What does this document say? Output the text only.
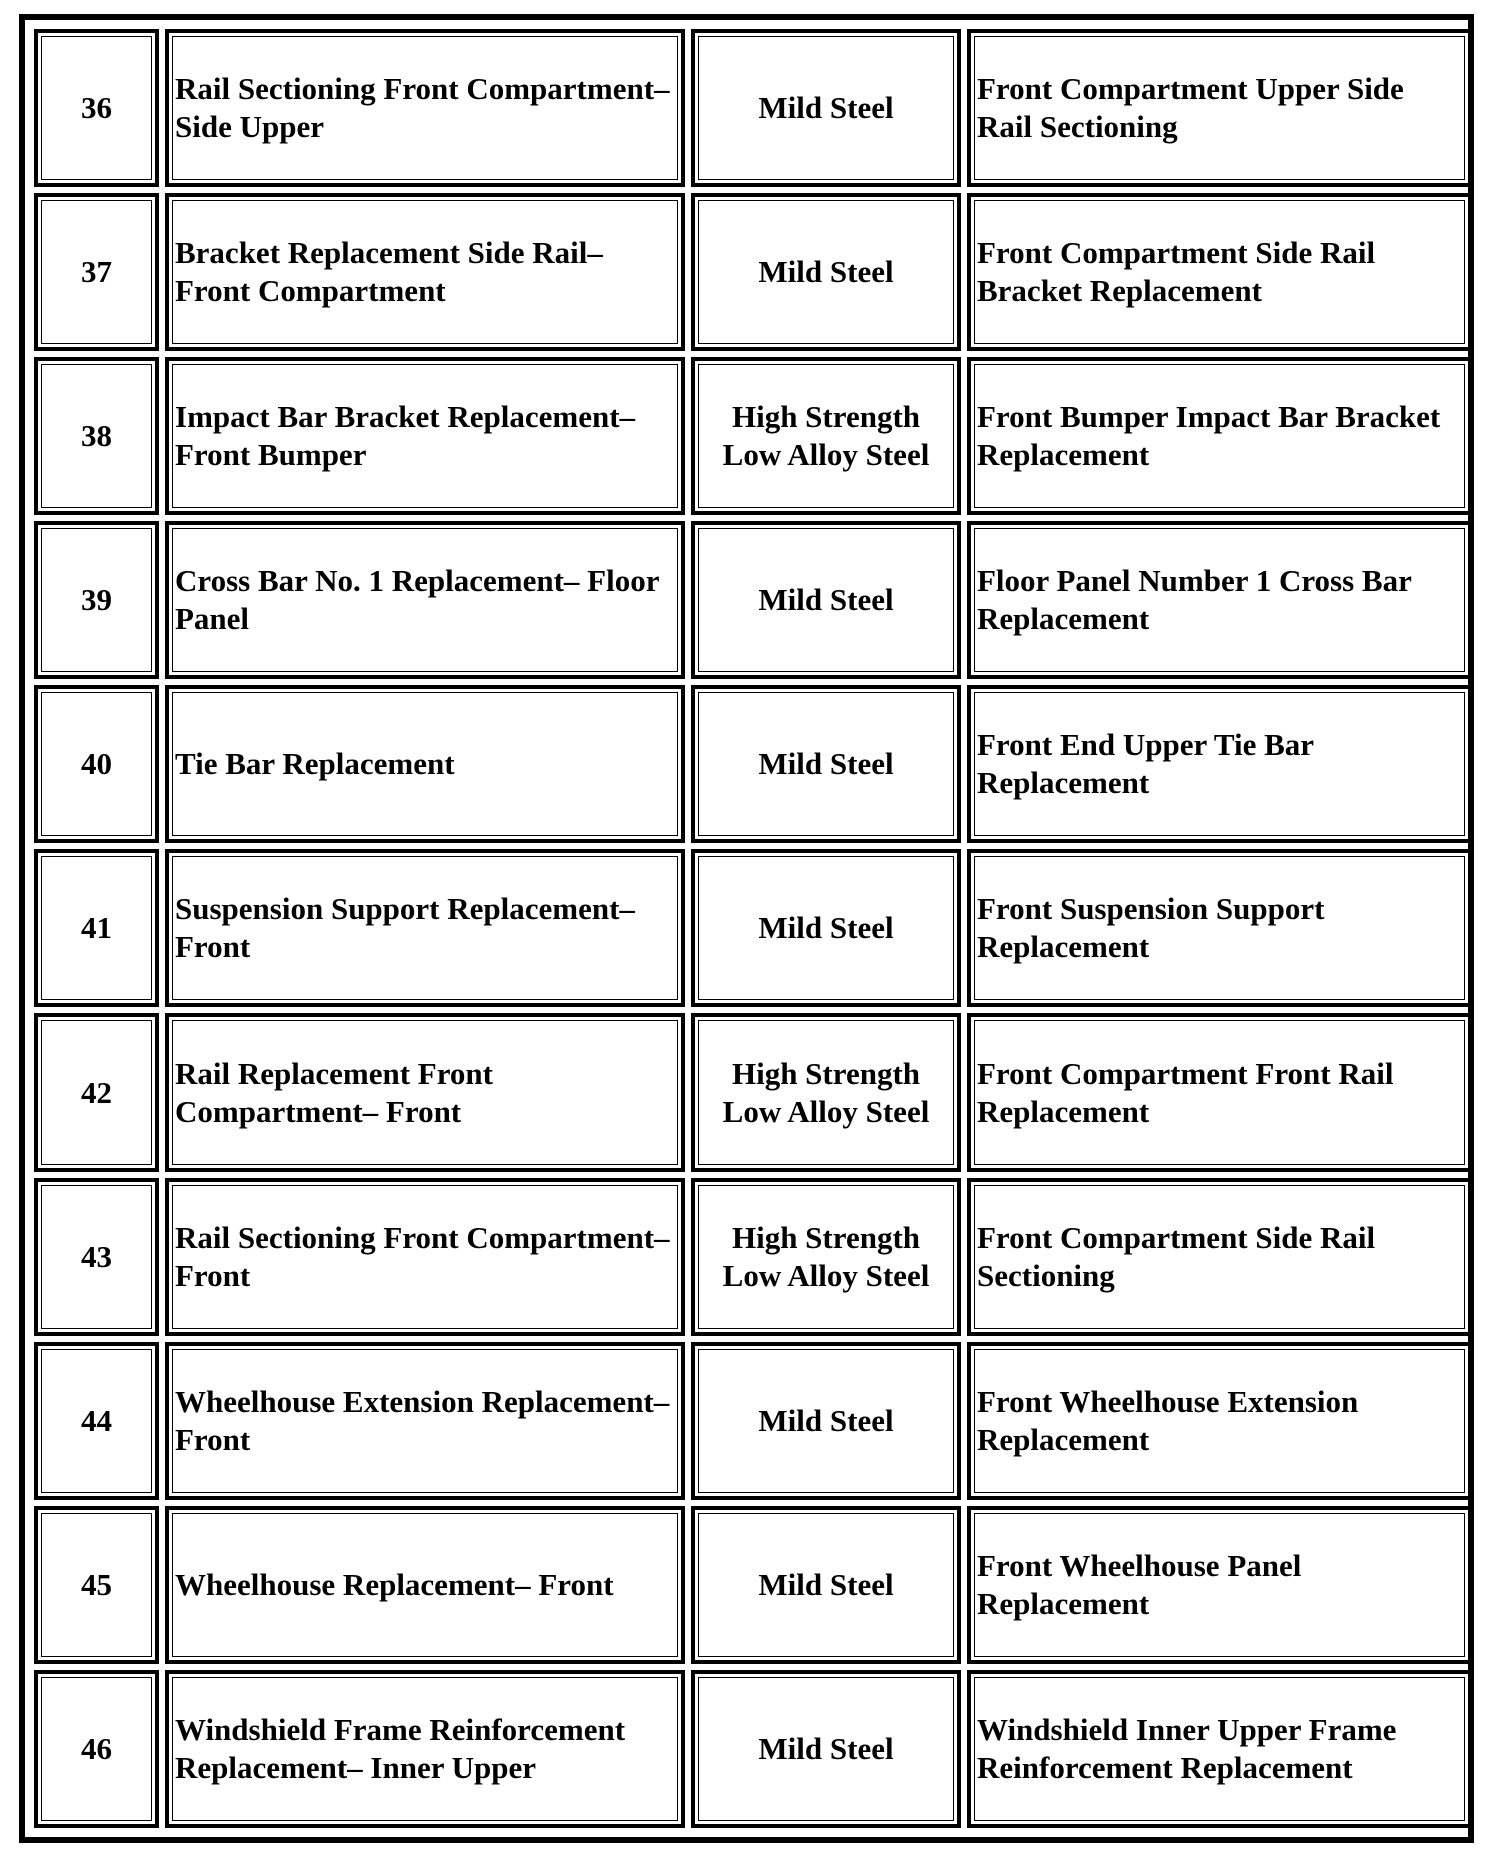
36	Rail Sectioning Front Compartment– Side Upper	Mild Steel	Front Compartment Upper Side Rail Sectioning
37	Bracket Replacement Side Rail– Front Compartment	Mild Steel	Front Compartment Side Rail Bracket Replacement
38	Impact Bar Bracket Replacement– Front Bumper	High Strength Low Alloy Steel	Front Bumper Impact Bar Bracket Replacement
39	Cross Bar No. 1 Replacement– Floor Panel	Mild Steel	Floor Panel Number 1 Cross Bar Replacement
40	Tie Bar Replacement	Mild Steel	Front End Upper Tie Bar Replacement
41	Suspension Support Replacement– Front	Mild Steel	Front Suspension Support Replacement
42	Rail Replacement Front Compartment– Front	High Strength Low Alloy Steel	Front Compartment Front Rail Replacement
43	Rail Sectioning Front Compartment– Front	High Strength Low Alloy Steel	Front Compartment Side Rail Sectioning
44	Wheelhouse Extension Replacement– Front	Mild Steel	Front Wheelhouse Extension Replacement
45	Wheelhouse Replacement– Front	Mild Steel	Front Wheelhouse Panel Replacement
46	Windshield Frame Reinforcement Replacement– Inner Upper	Mild Steel	Windshield Inner Upper Frame Reinforcement Replacement
